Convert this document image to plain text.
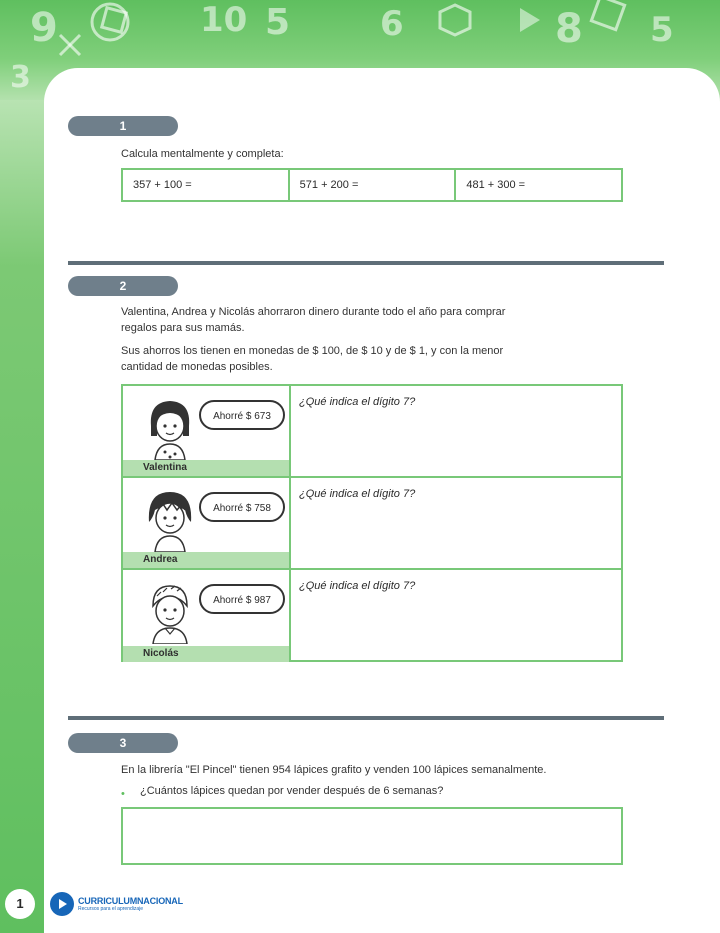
9	10 5	6	8 5
3
1
Calcula mentalmente y completa:
357 + 100 =	571 + 200 =	481 + 300 =
2
Valentina, Andrea y Nicolás ahorraron dinero durante todo el año para comprar
regalos para sus mamás.
Sus ahorros los tienen en monedas de $ 100, de $ 10 y de $ 1, y con la menor
cantidad de monedas posibles.
Ahorré $ 673
Valentina
¿Qué indica el dígito 7?
Ahorré $ 758
Andrea
¿Qué indica el dígito 7?
Ahorré $ 987
Nicolás
¿Qué indica el dígito 7?
3
En la librería "El Pincel" tienen 954 lápices grafito y venden 100 lápices semanalmente.
• ¿Cuántos lápices quedan por vender después de 6 semanas?
1	CURRICULUMNACIONAL
Recursos para el aprendizaje
